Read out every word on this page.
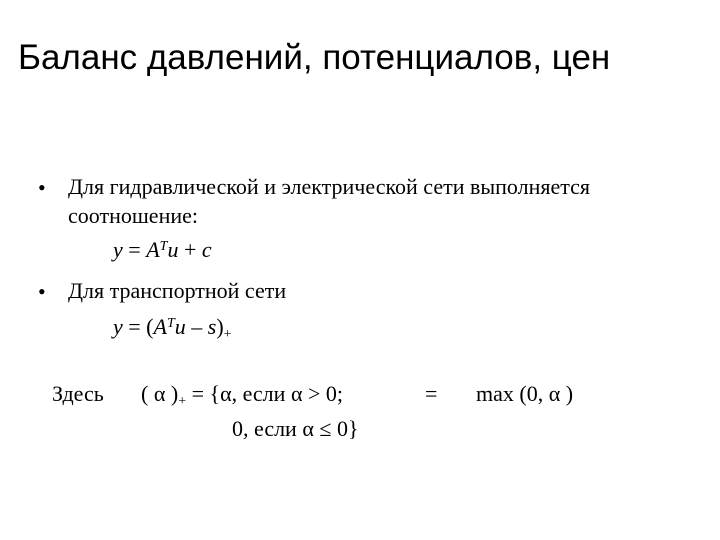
Баланс давлений, потенциалов, цен
• Для гидравлической и электрической сети выполняется
соотношение:
$y = A^Tu + c$
• Для транспортной сети
$y = (A^Tu - s)_+$
Здесь ( α )$_+ = \{\alpha$, если α > 0;
0, если α ≤ 0}
= max (0, α )
